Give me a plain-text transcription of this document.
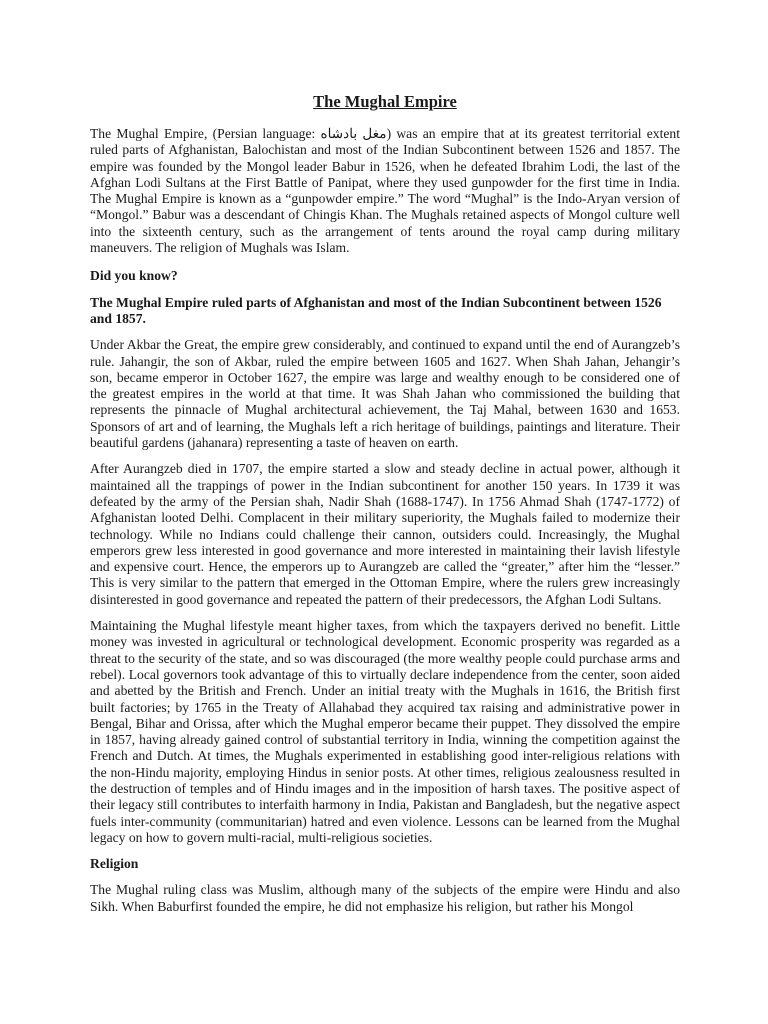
The Mughal Empire

The Mughal Empire, (Persian language: مغل بادشاه) was an empire that at its greatest territorial extent ruled parts of Afghanistan, Balochistan and most of the Indian Subcontinent between 1526 and 1857. The empire was founded by the Mongol leader Babur in 1526, when he defeated Ibrahim Lodi, the last of the Afghan Lodi Sultans at the First Battle of Panipat, where they used gunpowder for the first time in India. The Mughal Empire is known as a “gunpowder empire.” The word “Mughal” is the Indo-Aryan version of “Mongol.” Babur was a descendant of Chingis Khan. The Mughals retained aspects of Mongol culture well into the sixteenth century, such as the arrangement of tents around the royal camp during military maneuvers. The religion of Mughals was Islam.

Did you know?

The Mughal Empire ruled parts of Afghanistan and most of the Indian Subcontinent between 1526 and 1857.

Under Akbar the Great, the empire grew considerably, and continued to expand until the end of Aurangzeb’s rule. Jahangir, the son of Akbar, ruled the empire between 1605 and 1627. When Shah Jahan, Jehangir’s son, became emperor in October 1627, the empire was large and wealthy enough to be considered one of the greatest empires in the world at that time. It was Shah Jahan who commissioned the building that represents the pinnacle of Mughal architectural achievement, the Taj Mahal, between 1630 and 1653. Sponsors of art and of learning, the Mughals left a rich heritage of buildings, paintings and literature. Their beautiful gardens (jahanara) representing a taste of heaven on earth.

After Aurangzeb died in 1707, the empire started a slow and steady decline in actual power, although it maintained all the trappings of power in the Indian subcontinent for another 150 years. In 1739 it was defeated by the army of the Persian shah, Nadir Shah (1688-1747). In 1756 Ahmad Shah (1747-1772) of Afghanistan looted Delhi. Complacent in their military superiority, the Mughals failed to modernize their technology. While no Indians could challenge their cannon, outsiders could. Increasingly, the Mughal emperors grew less interested in good governance and more interested in maintaining their lavish lifestyle and expensive court. Hence, the emperors up to Aurangzeb are called the “greater,” after him the “lesser.” This is very similar to the pattern that emerged in the Ottoman Empire, where the rulers grew increasingly disinterested in good governance and repeated the pattern of their predecessors, the Afghan Lodi Sultans.

Maintaining the Mughal lifestyle meant higher taxes, from which the taxpayers derived no benefit. Little money was invested in agricultural or technological development. Economic prosperity was regarded as a threat to the security of the state, and so was discouraged (the more wealthy people could purchase arms and rebel). Local governors took advantage of this to virtually declare independence from the center, soon aided and abetted by the British and French. Under an initial treaty with the Mughals in 1616, the British first built factories; by 1765 in the Treaty of Allahabad they acquired tax raising and administrative power in Bengal, Bihar and Orissa, after which the Mughal emperor became their puppet. They dissolved the empire in 1857, having already gained control of substantial territory in India, winning the competition against the French and Dutch. At times, the Mughals experimented in establishing good inter-religious relations with the non-Hindu majority, employing Hindus in senior posts. At other times, religious zealousness resulted in the destruction of temples and of Hindu images and in the imposition of harsh taxes. The positive aspect of their legacy still contributes to interfaith harmony in India, Pakistan and Bangladesh, but the negative aspect fuels inter-community (communitarian) hatred and even violence. Lessons can be learned from the Mughal legacy on how to govern multi-racial, multi-religious societies.

Religion

The Mughal ruling class was Muslim, although many of the subjects of the empire were Hindu and also Sikh. When Baburfirst founded the empire, he did not emphasize his religion, but rather his Mongol
